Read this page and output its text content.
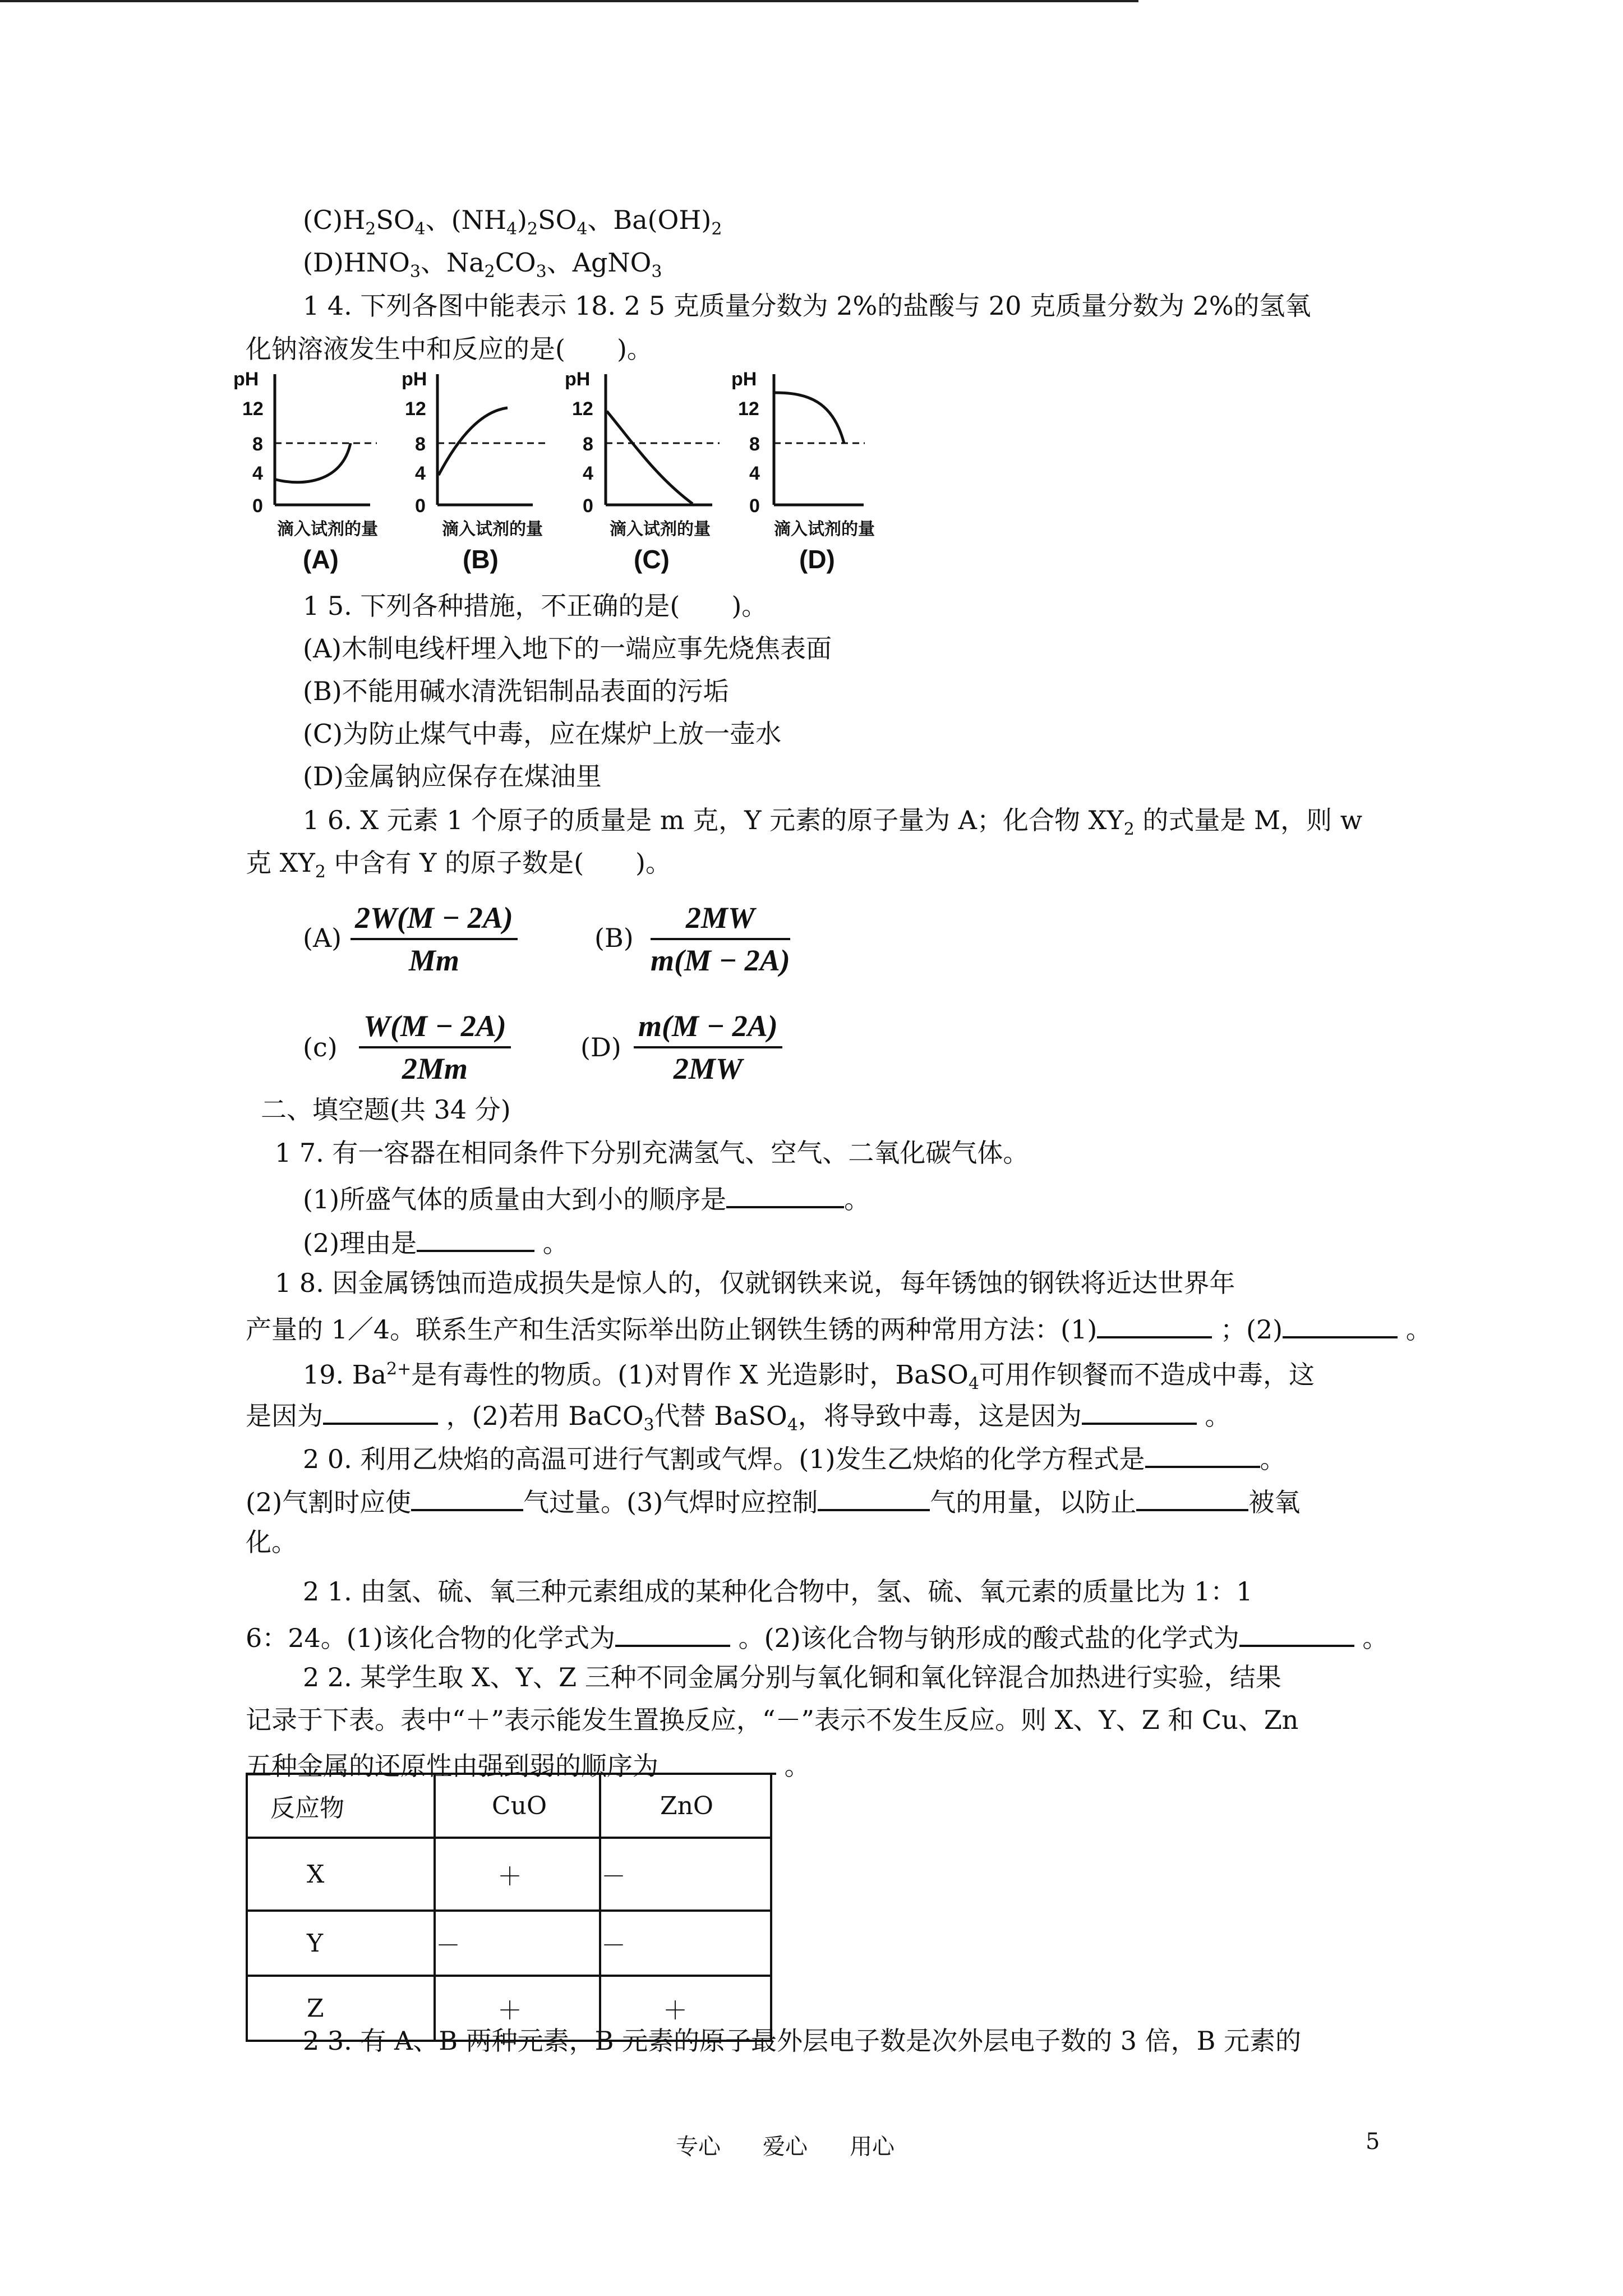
$(C)H_2SO_4$、$(NH_4)_2SO_4$、$Ba(OH)_2$
$(D)HNO_3$、$Na_2CO_3$、AgNO$_3$
1 4. 下列各图中能表示 18. 2 5 克质量分数为 2%的盐酸与 20 克质量分数为 2%的氢氧
化钠溶液发生中和反应的是(　　)。
pH
12
8
4
0
滴入试剂的量
(A)
pH
12
8
4
0
滴入试剂的量
(B)
pH
12
8
4
0
滴入试剂的量
(C)
pH
12
8
4
0
滴入试剂的量
(D)
1 5. 下列各种措施，不正确的是(　　)。
(A)木制电线杆埋入地下的一端应事先烧焦表面
(B)不能用碱水清洗铝制品表面的污垢
(C)为防止煤气中毒，应在煤炉上放一壶水
(D)金属钠应保存在煤油里
1 6. X 元素 1 个原子的质量是 m 克，Y 元素的原子量为 A；化合物 $XY_2$ 的式量是 M，则 w
克 $XY_2$ 中含有 Y 的原子数是(　　)。
$(A) \frac{2W(M - 2A)}{Mm}$	$(B) \frac{2MW}{m(M - 2A)}$
$(c) \frac{W(M - 2A)}{2Mm}$	$(D) \frac{m(M - 2A)}{2MW}$
二、填空题(共 34 分)
1 7. 有一容器在相同条件下分别充满氢气、空气、二氧化碳气体。
(1)所盛气体的质量由大到小的顺序是	。
(2)理由是	。
1 8. 因金属锈蚀而造成损失是惊人的，仅就钢铁来说，每年锈蚀的钢铁将近达世界年
产量的 1／4。联系生产和生活实际举出防止钢铁生锈的两种常用方法：(1)	；(2)	。
19. $Ba^{2+}$是有毒性的物质。(1)对胃作 X 光造影时，BaSO$_4$可用作钡餐而不造成中毒，这
是因为	，(2)若用 BaCO$_3$代替 BaSO$_4$，将导致中毒，这是因为	。
2 0. 利用乙炔焰的高温可进行气割或气焊。(1)发生乙炔焰的化学方程式是	。
(2)气割时应使	气过量。(3)气焊时应控制	气的用量，以防止	被氧
化。
2 1. 由氢、硫、氧三种元素组成的某种化合物中，氢、硫、氧元素的质量比为 1：1
6：24。(1)该化合物的化学式为	。(2)该化合物与钠形成的酸式盐的化学式为	。
2 2. 某学生取 X、Y、Z 三种不同金属分别与氧化铜和氧化锌混合加热进行实验，结果
记录于下表。表中“＋”表示能发生置换反应，“－”表示不发生反应。则 X、Y、Z 和 Cu、Zn
五种金属的还原性由强到弱的顺序为	。
反应物	CuO	ZnO
X	＋	－
Y	－	－
Z	＋	＋
2 3. 有 A、B 两种元素，B 元素的原子最外层电子数是次外层电子数的 3 倍，B 元素的
专心 爱心 用心	5
